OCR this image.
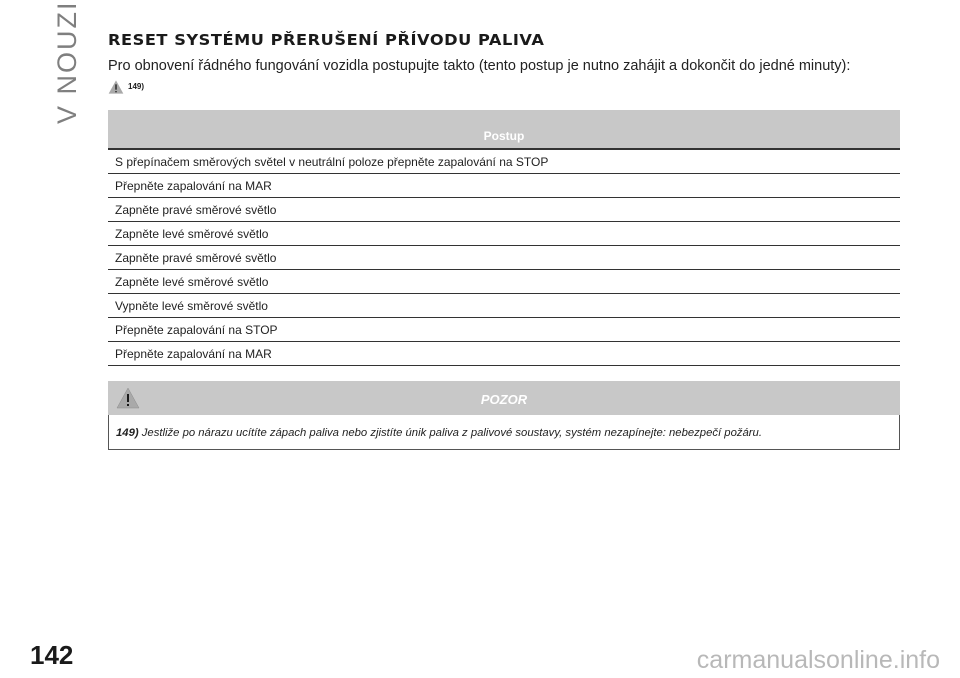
V NOUZI RESET SYSTÉMU PŘERUŠENÍ PŘÍVODU PALIVA

Pro obnovení řádného fungování vozidla postupujte takto (tento postup je nutno zahájit a dokončit do jedné minuty):

149)
Postup
S přepínačem směrových světel v neutrální poloze přepněte zapalování na STOP
Přepněte zapalování na MAR
Zapněte pravé směrové světlo
Zapněte levé směrové světlo
Zapněte pravé směrové světlo
Zapněte levé směrové světlo
Vypněte levé směrové světlo
Přepněte zapalování na STOP
Přepněte zapalování na MAR
POZOR
149) Jestliže po nárazu ucítíte zápach paliva nebo zjistíte únik paliva z palivové soustavy, systém nezapínejte: nebezpečí požáru.
142	carmanualsonline.info
